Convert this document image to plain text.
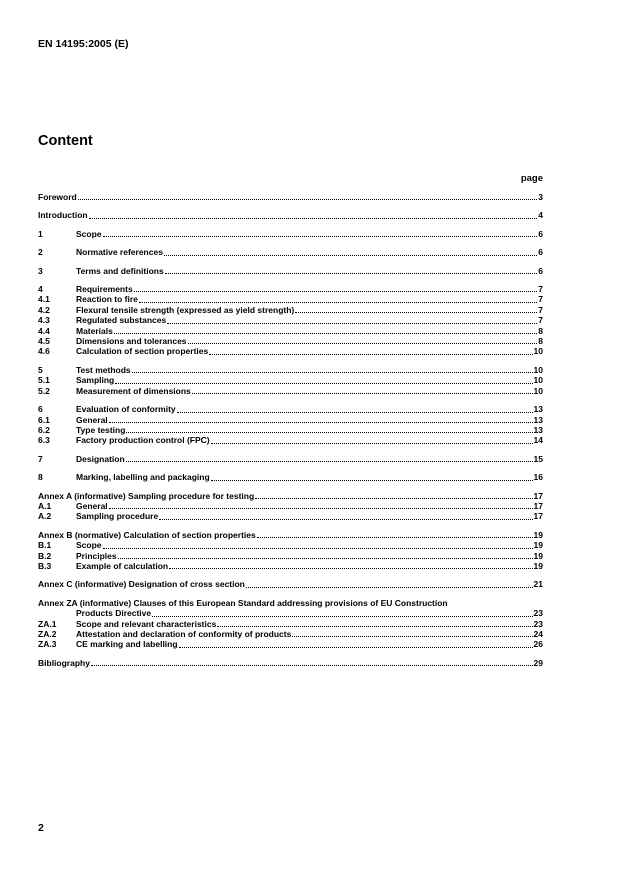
EN 14195:2005 (E)
Content
page
Foreword	3
Introduction	4
1	Scope	6
2	Normative references	6
3	Terms and definitions	6
4	Requirements	7
4.1	Reaction to fire	7
4.2	Flexural tensile strength (expressed as yield strength)	7
4.3	Regulated substances	7
4.4	Materials	8
4.5	Dimensions and tolerances	8
4.6	Calculation of section properties	10
5	Test methods	10
5.1	Sampling	10
5.2	Measurement of dimensions	10
6	Evaluation of conformity	13
6.1	General	13
6.2	Type testing	13
6.3	Factory production control (FPC)	14
7	Designation	15
8	Marking, labelling and packaging	16
Annex A (informative) Sampling procedure for testing	17
A.1	General	17
A.2	Sampling procedure	17
Annex B (normative) Calculation of section properties	19
B.1	Scope	19
B.2	Principles	19
B.3	Example of calculation	19
Annex C (informative) Designation of cross section	21
Annex ZA (informative) Clauses of this European Standard addressing provisions of EU Construction
Products Directive	23
ZA.1	Scope and relevant characteristics	23
ZA.2	Attestation and declaration of conformity of products	24
ZA.3	CE marking and labelling	26
Bibliography	29
2
